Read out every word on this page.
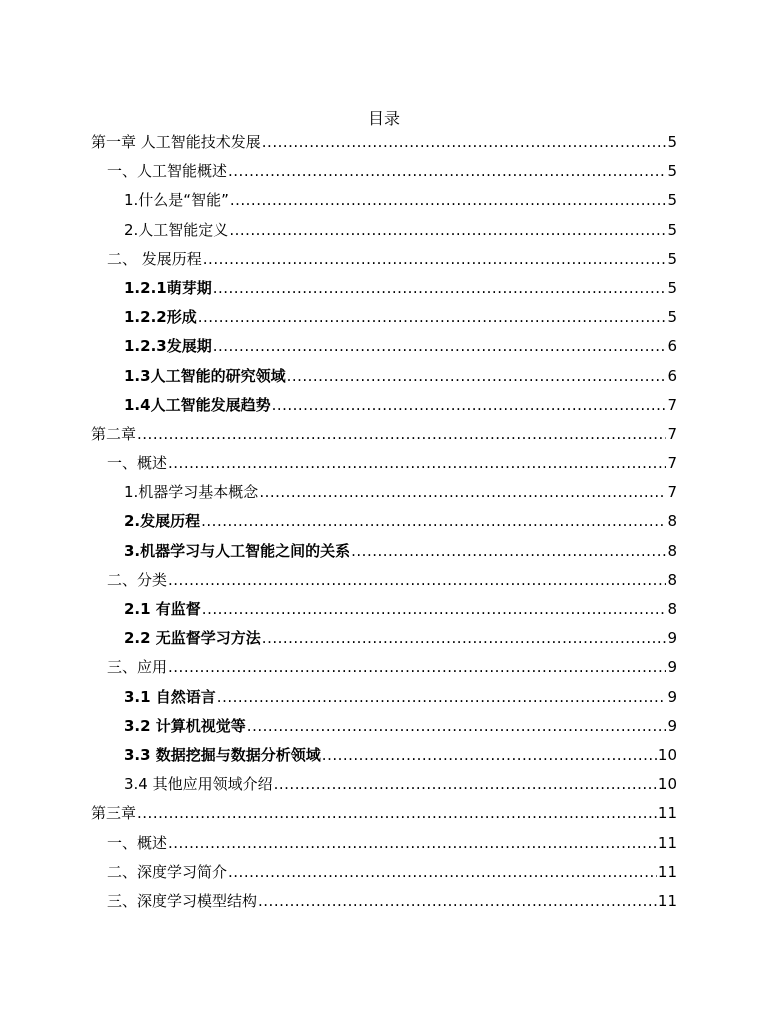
目录
第一章 人工智能技术发展 .....	5
一、人工智能概述 .....	5
1.什么是“智能” .....	5
2.人工智能定义 .....	5
二、 发展历程 .....	5
1.2.1萌芽期 .....	5
1.2.2形成 .....	5
1.2.3发展期 .....	6
1.3人工智能的研究领域 .....	6
1.4人工智能发展趋势 .....	7
第二章 .....	7
一、概述 .....	7
1.机器学习基本概念 .....	7
2.发展历程 .....	8
3.机器学习与人工智能之间的关系 .....	8
二、分类 .....	8
2.1 有监督 .....	8
2.2 无监督学习方法 .....	9
三、应用 .....	9
3.1 自然语言 .....	9
3.2 计算机视觉等 .....	9
3.3 数据挖掘与数据分析领域 .....	10
3.4 其他应用领域介绍 .....	10
第三章 .....	11
一、概述 .....	11
二、深度学习简介 .....	11
三、深度学习模型结构 .....	11
